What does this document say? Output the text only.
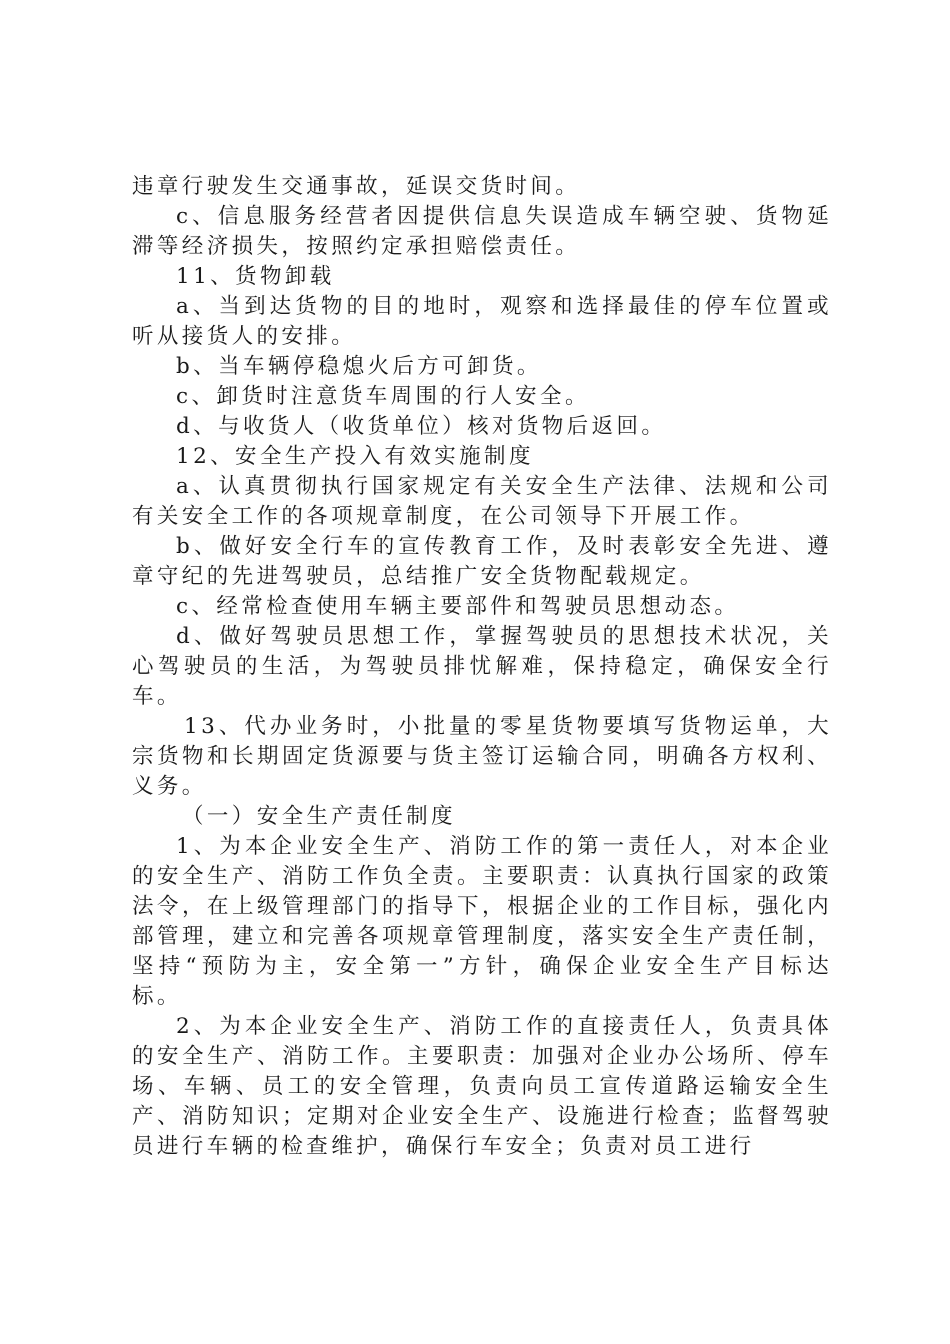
违章行驶发生交通事故，延误交货时间。

c、信息服务经营者因提供信息失误造成车辆空驶、货物延滞等经济损失，按照约定承担赔偿责任。

11、货物卸载

a、当到达货物的目的地时，观察和选择最佳的停车位置或听从接货人的安排。

b、当车辆停稳熄火后方可卸货。

c、卸货时注意货车周围的行人安全。

d、与收货人（收货单位）核对货物后返回。

12、安全生产投入有效实施制度

a、认真贯彻执行国家规定有关安全生产法律、法规和公司有关安全工作的各项规章制度，在公司领导下开展工作。

b、做好安全行车的宣传教育工作，及时表彰安全先进、遵章守纪的先进驾驶员，总结推广安全货物配载规定。

c、经常检查使用车辆主要部件和驾驶员思想动态。

d、做好驾驶员思想工作，掌握驾驶员的思想技术状况，关心驾驶员的生活，为驾驶员排忧解难，保持稳定，确保安全行车。

13、代办业务时，小批量的零星货物要填写货物运单，大宗货物和长期固定货源要与货主签订运输合同，明确各方权利、义务。

（一）安全生产责任制度

1、为本企业安全生产、消防工作的第一责任人，对本企业的安全生产、消防工作负全责。主要职责：认真执行国家的政策法令，在上级管理部门的指导下，根据企业的工作目标，强化内部管理，建立和完善各项规章管理制度，落实安全生产责任制，坚持“预防为主，安全第一”方针，确保企业安全生产目标达标。

2、为本企业安全生产、消防工作的直接责任人，负责具体的安全生产、消防工作。主要职责：加强对企业办公场所、停车场、车辆、员工的安全管理，负责向员工宣传道路运输安全生产、消防知识；定期对企业安全生产、设施进行检查；监督驾驶员进行车辆的检查维护，确保行车安全；负责对员工进行
